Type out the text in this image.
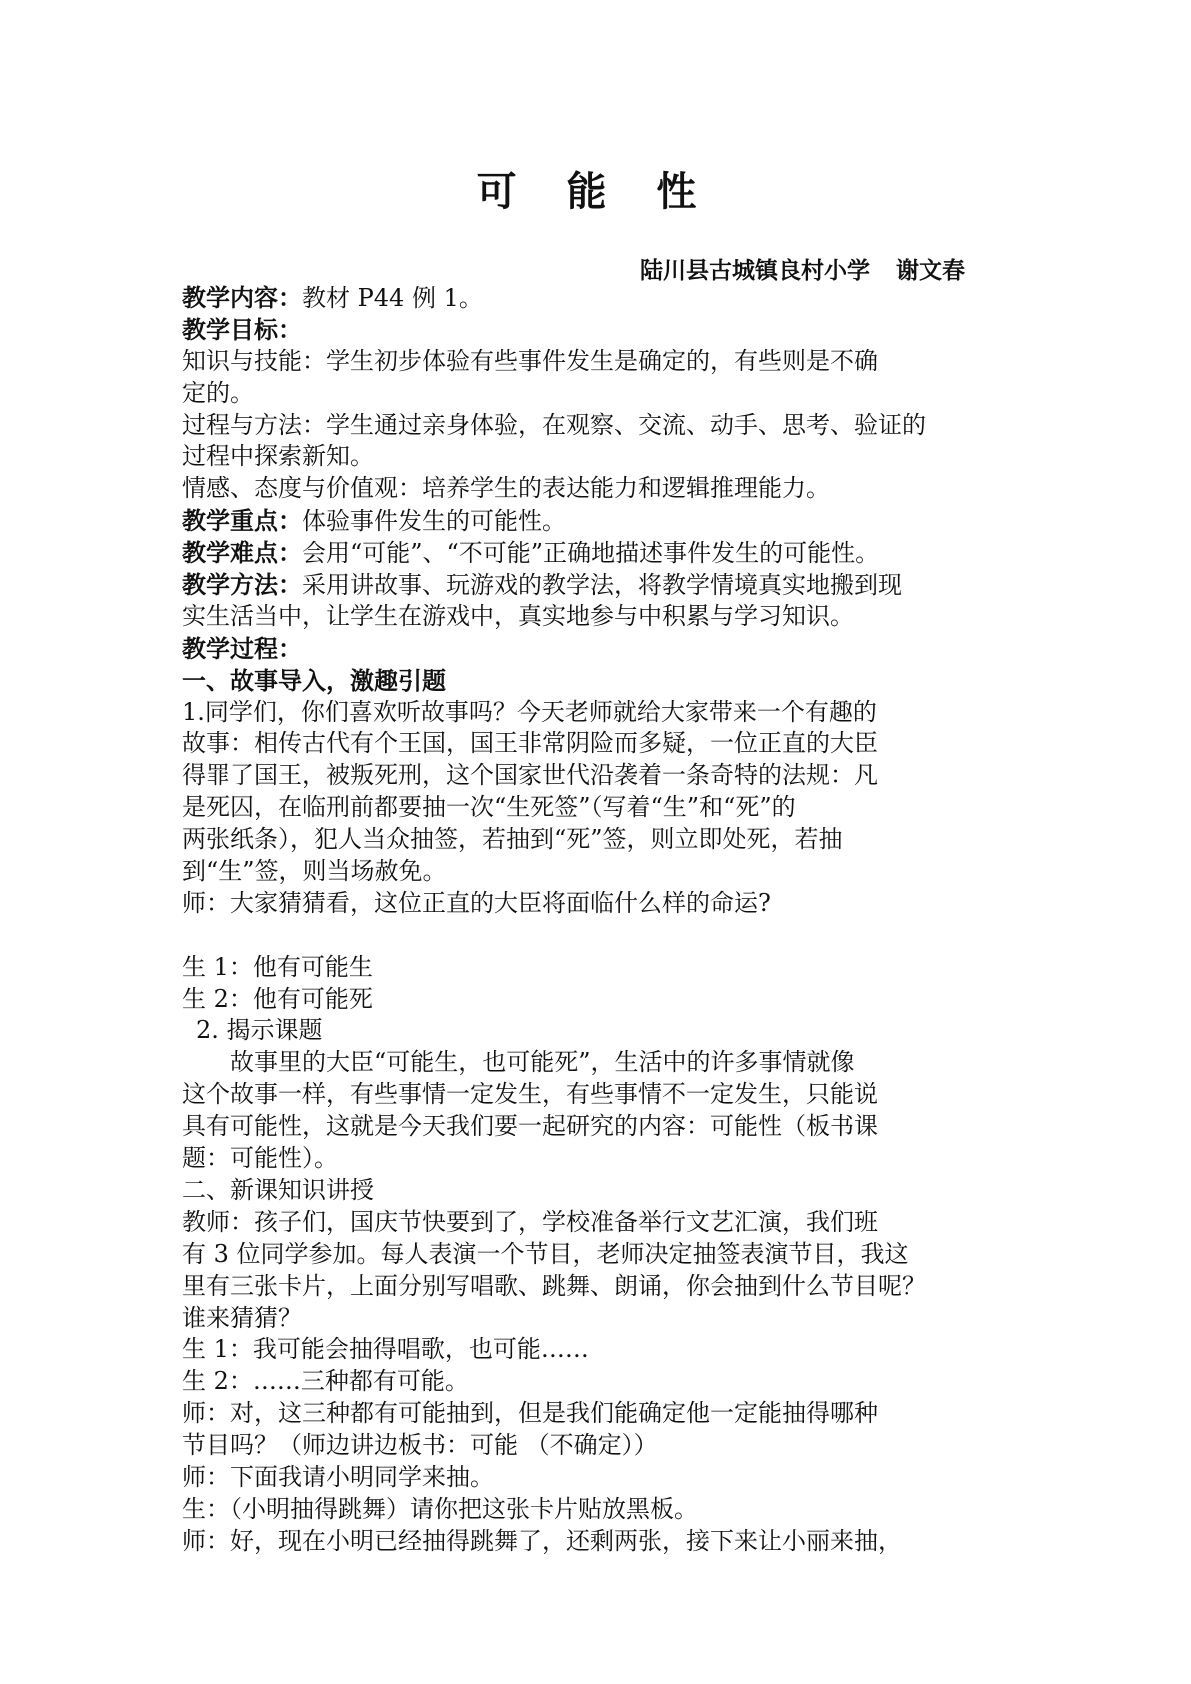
可 能 性
陆川县古城镇良村小学 谢文春
教学内容：教材 P44 例 1。
教学目标：
知识与技能：学生初步体验有些事件发生是确定的，有些则是不确
定的。
过程与方法：学生通过亲身体验，在观察、交流、动手、思考、验证的
过程中探索新知。
情感、态度与价值观：培养学生的表达能力和逻辑推理能力。
教学重点：体验事件发生的可能性。
教学难点：会用“可能”、“不可能”正确地描述事件发生的可能性。
教学方法：采用讲故事、玩游戏的教学法，将教学情境真实地搬到现
实生活当中，让学生在游戏中，真实地参与中积累与学习知识。
教学过程：
一、故事导入，激趣引题
1.同学们，你们喜欢听故事吗？今天老师就给大家带来一个有趣的
故事：相传古代有个王国，国王非常阴险而多疑，一位正直的大臣
得罪了国王，被叛死刑，这个国家世代沿袭着一条奇特的法规：凡
是死囚，在临刑前都要抽一次“生死签”（写着“生”和“死”的
两张纸条），犯人当众抽签，若抽到“死”签，则立即处死，若抽
到“生”签，则当场赦免。
师：大家猜猜看，这位正直的大臣将面临什么样的命运?
生 1：他有可能生
生 2：他有可能死
2. 揭示课题
故事里的大臣“可能生，也可能死”，生活中的许多事情就像
这个故事一样，有些事情一定发生，有些事情不一定发生，只能说
具有可能性，这就是今天我们要一起研究的内容：可能性（板书课
题：可能性）。
二、新课知识讲授
教师：孩子们，国庆节快要到了，学校准备举行文艺汇演，我们班
有 3 位同学参加。每人表演一个节目，老师决定抽签表演节目，我这
里有三张卡片，上面分别写唱歌、跳舞、朗诵，你会抽到什么节目呢？
谁来猜猜？
生 1：我可能会抽得唱歌，也可能……
生 2：……三种都有可能。
师：对，这三种都有可能抽到，但是我们能确定他一定能抽得哪种
节目吗？（师边讲边板书：可能 （不确定））
师：下面我请小明同学来抽。
生：（小明抽得跳舞）请你把这张卡片贴放黑板。
师：好，现在小明已经抽得跳舞了，还剩两张，接下来让小丽来抽，
